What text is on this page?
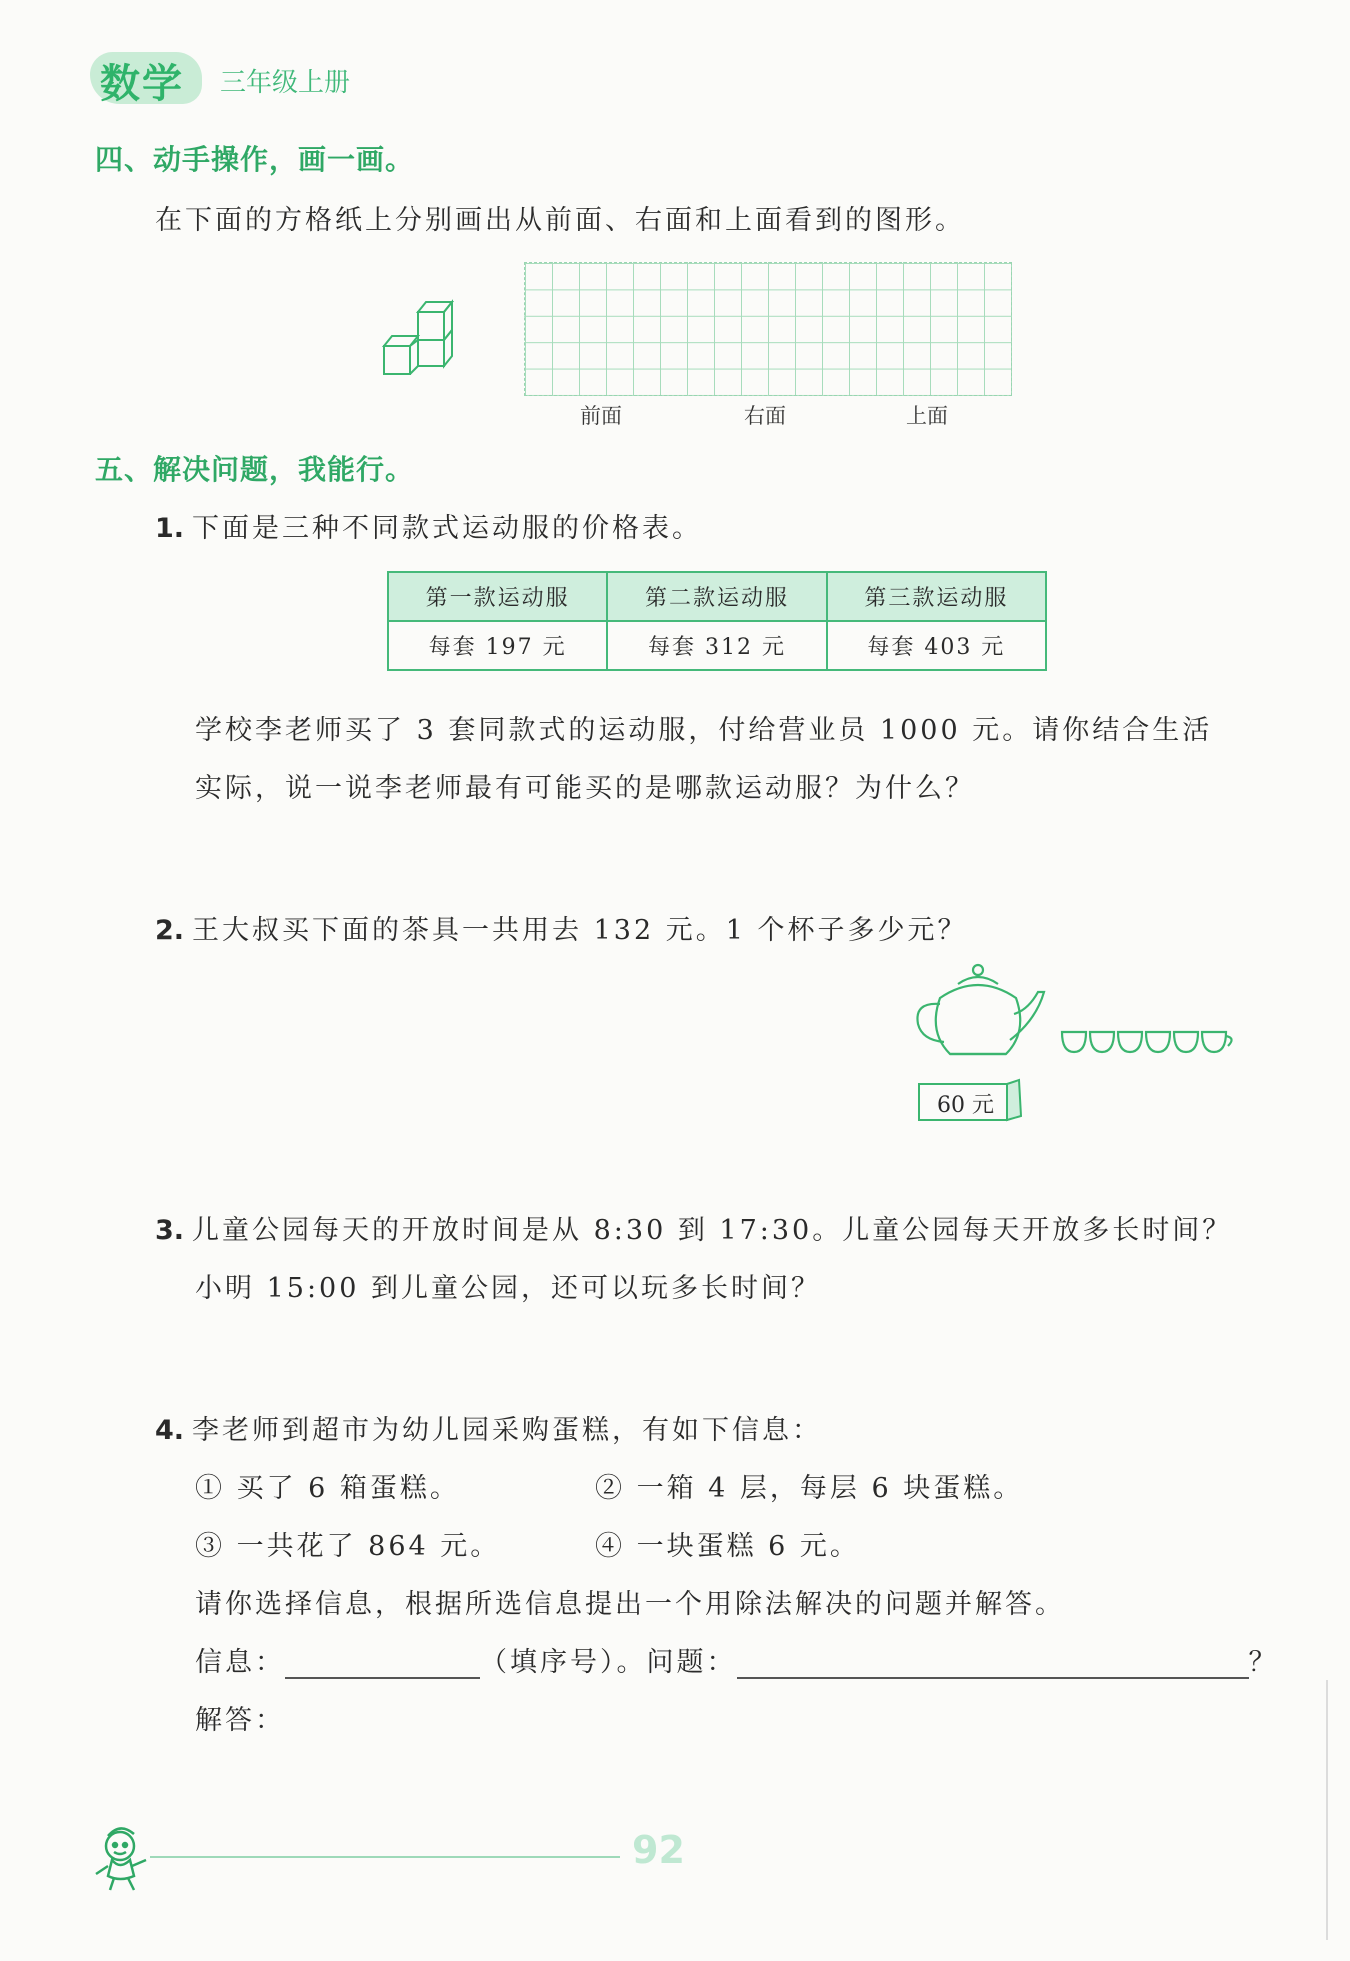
数学 三年级上册
四、动手操作，画一画。
在下面的方格纸上分别画出从前面、右面和上面看到的图形。
前面	右面	上面
五、解决问题，我能行。
1. 下面是三种不同款式运动服的价格表。
第一款运动服	第二款运动服	第三款运动服
每套 197 元	每套 312 元	每套 403 元
学校李老师买了 3 套同款式的运动服，付给营业员 1000 元。请你结合生活
实际，说一说李老师最有可能买的是哪款运动服？为什么？
2. 王大叔买下面的茶具一共用去 132 元。1 个杯子多少元？
60 元
3. 儿童公园每天的开放时间是从 8:30 到 17:30。儿童公园每天开放多长时间？
小明 15:00 到儿童公园，还可以玩多长时间？
4. 李老师到超市为幼儿园采购蛋糕，有如下信息：
① 买了 6 箱蛋糕。	② 一箱 4 层，每层 6 块蛋糕。
③ 一共花了 864 元。	④ 一块蛋糕 6 元。
请你选择信息，根据所选信息提出一个用除法解决的问题并解答。
信息：	（填序号）。问题：	？
解答：
92
